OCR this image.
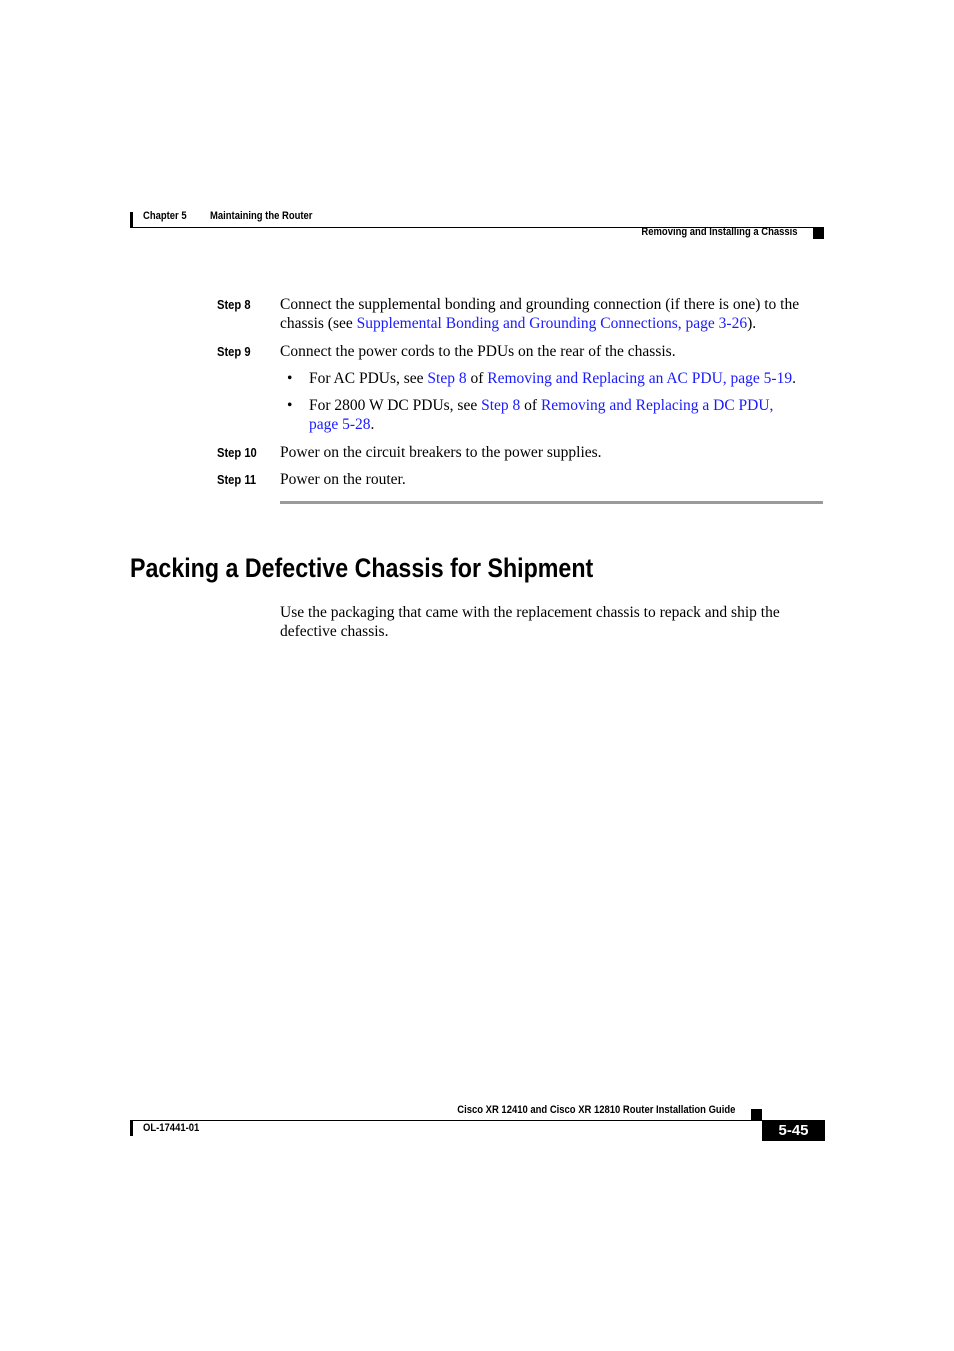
Chapter 5 Maintaining the Router
Removing and Installing a Chassis
Step 8 Connect the supplemental bonding and grounding connection (if there is one) to the chassis (see Supplemental Bonding and Grounding Connections, page 3-26).
Step 9 Connect the power cords to the PDUs on the rear of the chassis.
• For AC PDUs, see Step 8 of Removing and Replacing an AC PDU, page 5-19.
• For 2800 W DC PDUs, see Step 8 of Removing and Replacing a DC PDU,
page 5-28.
Step 10 Power on the circuit breakers to the power supplies.
Step 11 Power on the router.
Packing a Defective Chassis for Shipment
Use the packaging that came with the replacement chassis to repack and ship the
defective chassis.
Cisco XR 12410 and Cisco XR 12810 Router Installation Guide
OL-17441-01	5-45
